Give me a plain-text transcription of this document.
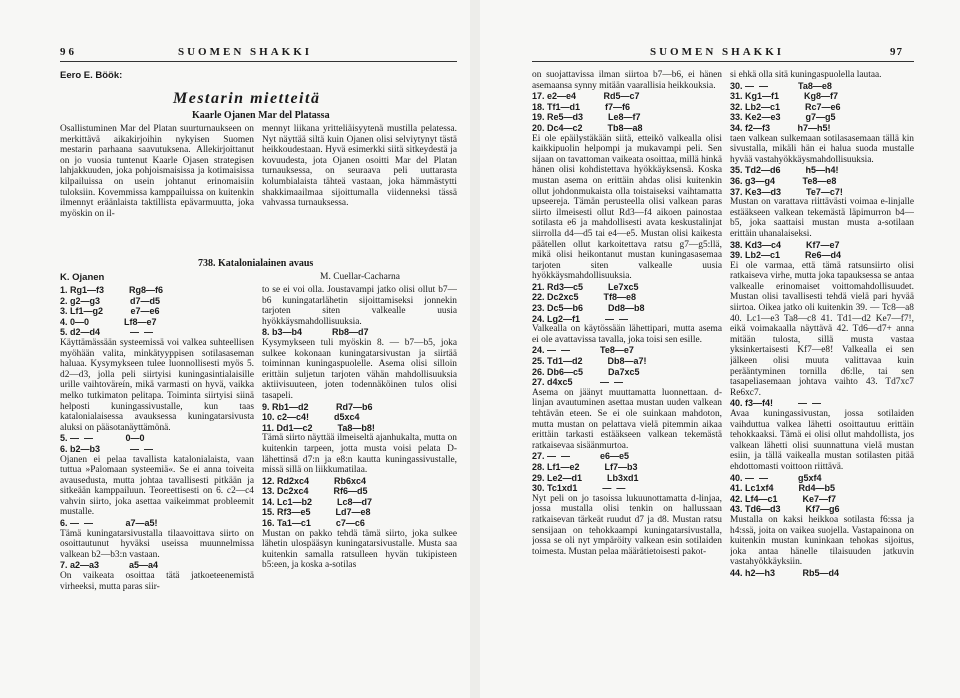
96	SUOMEN SHAKKI
Eero E. Böök:
Mestarin mietteitä
Kaarle Ojanen Mar del Platassa

Osallistuminen Mar del Platan suurturnaukseen on merkittävä aikakirjoihin nykyisen Suomen mestarin parhaana saavutuksena. Allekirjoittanut on jo vuosia tuntenut Kaarle Ojasen strategisen lahjakkuuden, joka pohjoismaisissa ja kotimaisissa kilpailuissa on usein johtanut erinomaisiin tuloksiin. Kovemmissa kamppailuissa on kuitenkin ilmennyt eräänlaista taktillista epävarmuutta, joka myöskin on il-

mennyt liikana yritteliäisyytenä mustilla pelatessa. Nyt näyttää siltä kuin Ojanen olisi selviytynyt tästä heikkoudestaan. Hyvä esimerkki siitä sitkeydestä ja kovuudesta, jota Ojanen osoitti Mar del Platan turnauksessa, on seuraava peli uuttarasta kolumbialaista tähteä vastaan, joka hämmästytti shakkimaailmaa sijoittumalla viidenneksi tässä vahvassa turnauksessa.

738. Katalonialainen avaus
K. Ojanen	M. Cuellar-Cacharna
1. Rg1—f3          Rg8—f6
2. g2—g3            d7—d5
3. Lf1—g2           e7—e6
4. 0—0              Lf8—e7
5. d2—d4            —  —

Käyttämässään systeemissä voi valkea suhteellisen myöhään valita, minkätyyppisen sotilasaseman haluaa. Kysymykseen tulee luonnollisesti myös 5. d2—d3, jolla peli siirtyisi kuningasintialaisille urille vaihtoväreín, mikä varmasti on hyvä, vaikka melko tutkimaton pelitapa. Toiminta siirtyisi siinä helposti kuningassivustalle, kun taas katalonialaisessa avauksessa kuningatarsivusta aluksi on pääsotanäyttämönä.

5. —  —             0—0
6. b2—b3            —  —

Ojanen ei pelaa tavallista katalonialaista, vaan tuttua »Palomaan systeemiä«. Se ei anna toiveita avausedusta, mutta johtaa tavallisesti pitkään ja sitkeään kamppailuun. Teoreettisesti on 6. c2—c4 vahvin siirto, joka asettaa vaikeimmat probleemit mustalle.

6. —  —             a7—a5!

Tämä kuningatarsivustalla tilaavoittava siirto on osoittautunut hyväksi useissa muunnelmissa valkean b2—b3:n vastaan.

7. a2—a3            a5—a4

On vaikeata osoittaa tätä jatkoeteenemistä virheeksi, mutta paras siir-

to se ei voi olla. Joustavampi jatko olisi ollut b7—b6 kuningatarlähetin sijoittamiseksi jonnekin tarjoten siten valkealle uusia hyökkäysmahdollisuuksia.

8. b3—b4            Rb8—d7

Kysymykseen tuli myöskin 8. — b7—b5, joka sulkee kokonaan kuningatarsivustan ja siirtää toiminnan kuningaspuolelle. Asema olisi silloin erittäin suljetun tarjoten vähän mahdollisuuksia aktiivisuuteen, joten todennäköinen tulos olisi tasapeli.

9. Rb1—d2           Rd7—b6
10. c2—c4!          d5xc4
11. Dd1—c2          Ta8—b8!

Tämä siirto näyttää ilmeiseltä ajanhukalta, mutta on kuitenkin tarpeen, jotta musta voisi pelata D-lähettinsä d7:n ja e8:n kautta kuningassivustalle, missä sillä on liikkumatilaa.

12. Rd2xc4          Rb6xc4
13. Dc2xc4          Rf6—d5
14. Lc1—b2          Lc8—d7
15. Rf3—e5          Ld7—e8
16. Ta1—c1          c7—c6

Mustan on pakko tehdä tämä siirto, joka sulkee lähetin ulospääsyn kuningatarsivustalle. Musta saa kuitenkin samalla ratsulleen hyvän tukipisteen b5:een, ja koska a-sotilas

SUOMEN SHAKKI	97

on suojattavissa ilman siirtoa b7—b6, ei hänen asemaansa synny mitään vaarallisia heikkouksia.

17. e2—e4           Rd5—c7
18. Tf1—d1          f7—f6
19. Re5—d3          Le8—f7
20. Dc4—c2          Tb8—a8

Ei ole epäilystäkään siitä, etteikö valkealla olisi kaikkipuolin helpompi ja mukavampi peli. Sen sijaan on tavattoman vaikeata osoittaa, millä hinkä hänen olisi kohdistettava hyökkäyksensä. Koska mustan asema on erittäin ahdas olisi kuitenkin ollut johdonmukaista olla toistaiseksi vaihtamatta upseereja. Tämän perusteella olisi valkean paras siirto ilmeisesti ollut Rd3—f4 aikoen painostaa sotilasta e6 ja mahdollisesti avata keskustalinjat siirrolla d4—d5 tai e4—e5. Mustan olisi kaikesta päätellen ollut karkoitettava ratsu g7—g5:llä, mikä olisi heikontanut mustan kuningasasemaa tarjoten siten valkealle uusia hyökkäysmahdollisuuksia.

21. Rd3—c5          Le7xc5
22. Dc2xc5          Tf8—e8
23. Dc5—b6          Dd8—b8
24. Lg2—f1          —  —

Valkealla on käytössään lähettipari, mutta asema ei ole avattavissa tavalla, joka toisi sen esille.

24. —  —            Te8—e7
25. Td1—d2          Db8—a7!
26. Db6—c5          Da7xc5
27. d4xc5           —  —

Asema on jäänyt muuttamatta luonnettaan. d-linjan avautuminen asettaa mustan uuden valkean tehtävän eteen. Se ei ole suinkaan mahdoton, mutta mustan on pelattava vielä pitemmin aikaa erittäin tarkasti estääkseen valkean tekemästä ratkaisevaa sisäänmurtoa.

27. —  —            e6—e5
28. Lf1—e2          Lf7—b3
29. Le2—d1          Lb3xd1
30. Tc1xd1          —  —

Nyt peli on jo tasoissa lukuunottamatta d-linjaa, jossa mustalla olisi tenkin on hallussaan ratkaisevan tärkeät ruudut d7 ja d8. Mustan ratsu sensijaan on tehokkaampi kuningatarsivustalla, jossa se oli nyt ympäröity valkean esin sotilaiden toimesta. Mustan pelaa määrätietoisesti pakot-

si ehkä olla sitä kuningaspuolella lautaa.

30. —  —            Ta8—e8
31. Kg1—f1          Kg8—f7
32. Lb2—c1          Rc7—e6
33. Ke2—e3          g7—g5
34. f2—f3           h7—h5!

taen valkean sulkemaan sotilasasemaan tällä kin sivustalla, mikäli hän ei halua suoda mustalle hyvää vastahyökkäysmahdollisuuksia.

35. Td2—d6          h5—h4!
36. g3—g4           Te8—e8
37. Ke3—d3          Te7—c7!

Mustan on varattava riittävästi voimaa e-linjalle estääkseen valkean tekemästä läpimurron b4—b5, joka saattaisi mustan musta a-sotilaan erittäin uhanalaiseksi.

38. Kd3—c4          Kf7—e7
39. Lb2—c1          Re6—d4

Ei ole varmaa, että tämä ratsunsiirto olisi ratkaiseva virhe, mutta joka tapauksessa se antaa valkealle erinomaiset voittomahdollisuudet. Mustan olisi tavallisesti tehdä vielä pari hyvää siirtoa. Oikea jatko oli kuitenkin 39. — Tc8—a8 40. Lc1—e3 Ta8—c8 41. Td1—d2 Ke7—f7!, eikä voimakaalla näyttävä 42. Td6—d7+ anna mitään tulosta, sillä musta vastaa yksinkertaisesti Kf7—e8! Valkealla ei sen jälkeen olisi muuta valittavaa kuin perääntyminen tornilla d6:lle, tai sen tasapeliasemaan johtava vaihto 43. Td7xc7 Re6xc7.

40. f3—f4!          —  —

Avaa kuningassivustan, jossa sotilaiden vaihduttua valkea lähetti osoittautuu erittäin tehokkaaksi. Tämä ei olisi ollut mahdollista, jos valkean lähetti olisi suunnattuna vielä mustan esiin, ja tällä vaikealla mustan sotilasten pitää ehdottomasti voittoon riittävä.

40. —  —            g5xf4
41. Lc1xf4          Rd4—b5
42. Lf4—c1          Ke7—f7
43. Td6—d3          Kf7—g6

Mustalla on kaksi heikkoa sotilasta f6:ssa ja h4:ssä, joita on vaikea suojella. Vastapainona on kuitenkin mustan kuninkaan tehokas sijoitus, joka antaa hänelle tilaisuuden jatkuvin vastahyökkäyksiin.

44. h2—h3           Rb5—d4
